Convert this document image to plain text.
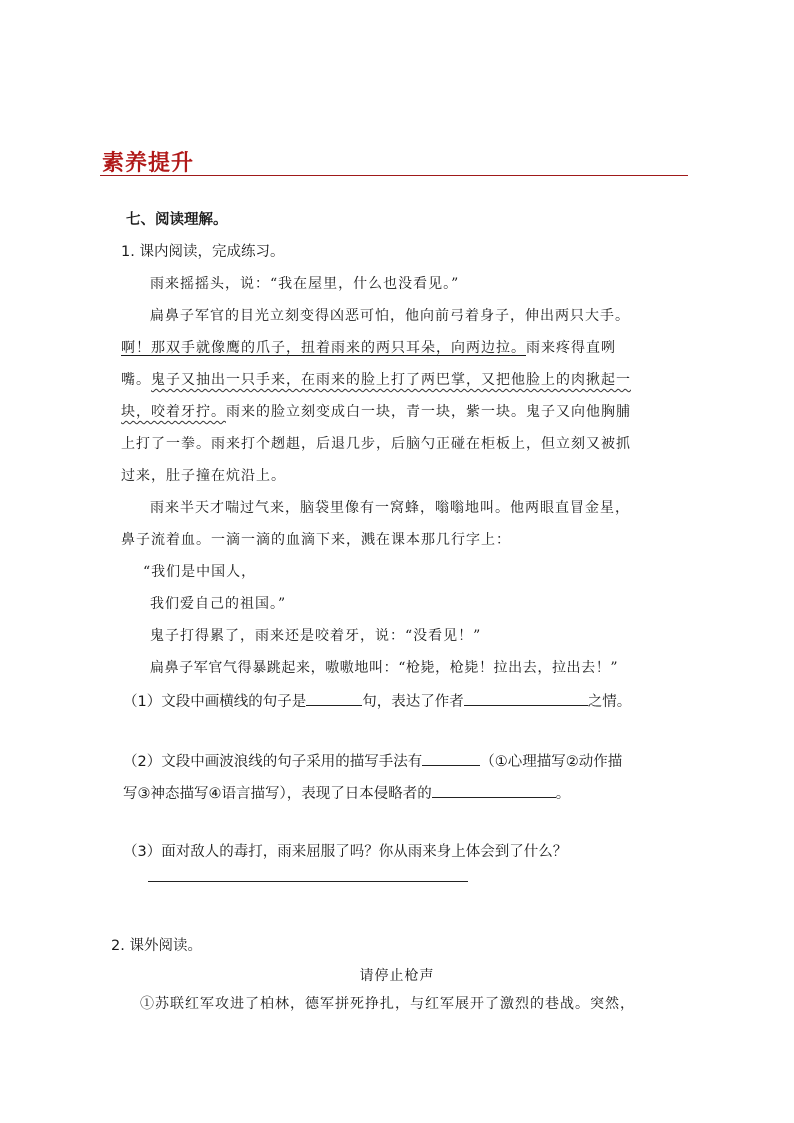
素养提升
七、阅读理解。
1. 课内阅读，完成练习。
雨来摇摇头，说：“我在屋里，什么也没看见。”
扁鼻子军官的目光立刻变得凶恶可怕，他向前弓着身子，伸出两只大手。
啊！那双手就像鹰的爪子，扭着雨来的两只耳朵，向两边拉。雨来疼得直咧
嘴。鬼子又抽出一只手来，在雨来的脸上打了两巴掌，又把他脸上的肉揪起一
块，咬着牙拧。雨来的脸立刻变成白一块，青一块，紫一块。鬼子又向他胸脯
上打了一拳。雨来打个趔趄，后退几步，后脑勺正碰在柜板上，但立刻又被抓
过来，肚子撞在炕沿上。
雨来半天才喘过气来，脑袋里像有一窝蜂，嗡嗡地叫。他两眼直冒金星，
鼻子流着血。一滴一滴的血滴下来，溅在课本那几行字上：
“我们是中国人，
我们爱自己的祖国。”
鬼子打得累了，雨来还是咬着牙，说：“没看见！”
扁鼻子军官气得暴跳起来，嗷嗷地叫：“枪毙，枪毙！拉出去，拉出去！”
（1）文段中画横线的句子是	句，表达了作者	之情。
（2）文段中画波浪线的句子采用的描写手法有	（①心理描写②动作描
写③神态描写④语言描写），表现了日本侵略者的	。
（3）面对敌人的毒打，雨来屈服了吗？你从雨来身上体会到了什么？
2. 课外阅读。
请停止枪声
①苏联红军攻进了柏林，德军拼死挣扎，与红军展开了激烈的巷战。突然，
